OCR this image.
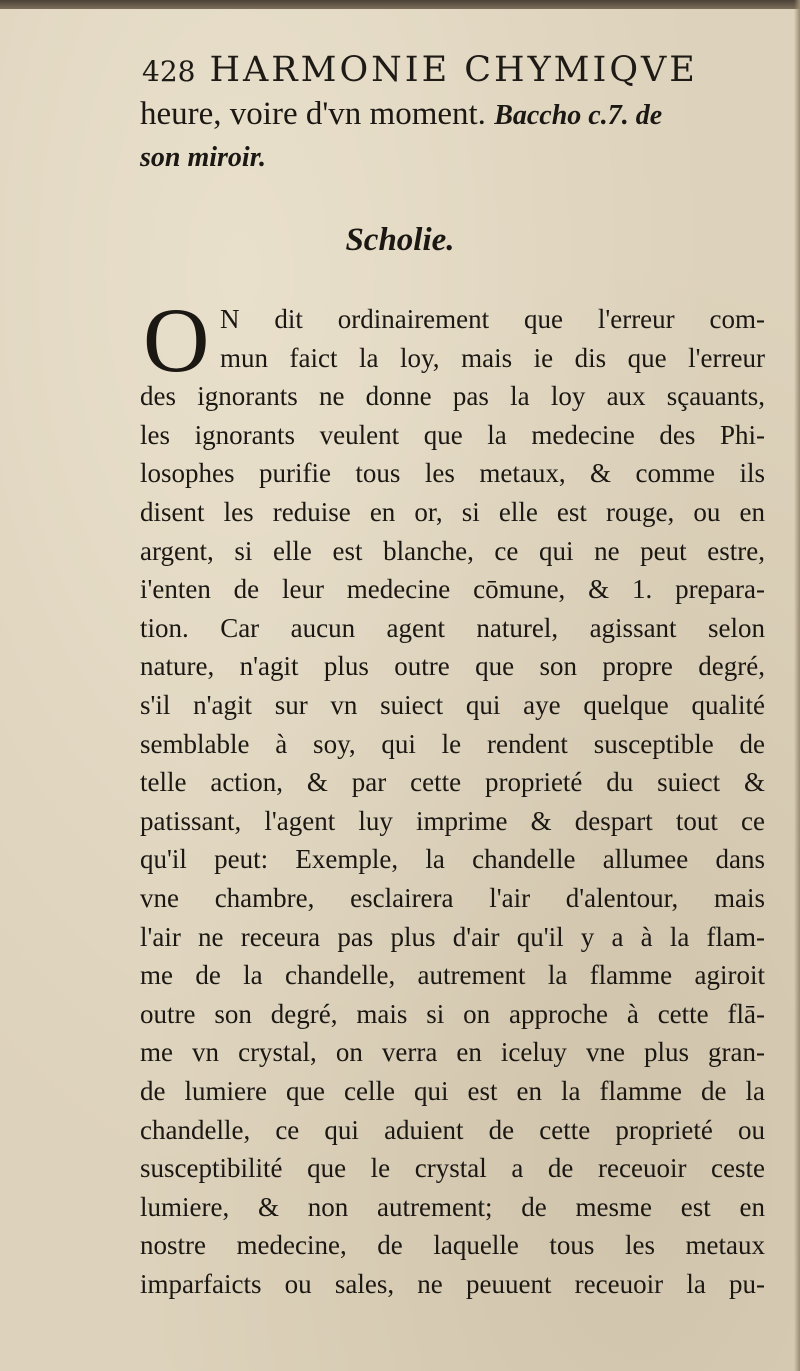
428 HARMONIE CHYMIQVE
heure, voire d'vn moment. Baccho c.7. de
son miroir.
Scholie.
O N dit ordinairement que l'erreur com-
mun faict la loy, mais ie dis que l'erreur
des ignorants ne donne pas la loy aux sçauants,
les ignorants veulent que la medecine des Phi-
losophes purifie tous les metaux, & comme ils
disent les reduise en or, si elle est rouge, ou en
argent, si elle est blanche, ce qui ne peut estre,
i'enten de leur medecine cōmune, & 1. prepara-
tion. Car aucun agent naturel, agissant selon
nature, n'agit plus outre que son propre degré,
s'il n'agit sur vn suiect qui aye quelque qualité
semblable à soy, qui le rendent susceptible de
telle action, & par cette proprieté du suiect &
patissant, l'agent luy imprime & despart tout ce
qu'il peut: Exemple, la chandelle allumee dans
vne chambre, esclairera l'air d'alentour, mais
l'air ne receura pas plus d'air qu'il y a à la flam-
me de la chandelle, autrement la flamme agiroit
outre son degré, mais si on approche à cette flā-
me vn crystal, on verra en iceluy vne plus gran-
de lumiere que celle qui est en la flamme de la
chandelle, ce qui aduient de cette proprieté ou
susceptibilité que le crystal a de receuoir ceste
lumiere, & non autrement; de mesme est en
nostre medecine, de laquelle tous les metaux
imparfaicts ou sales, ne peuuent receuoir la pu-
